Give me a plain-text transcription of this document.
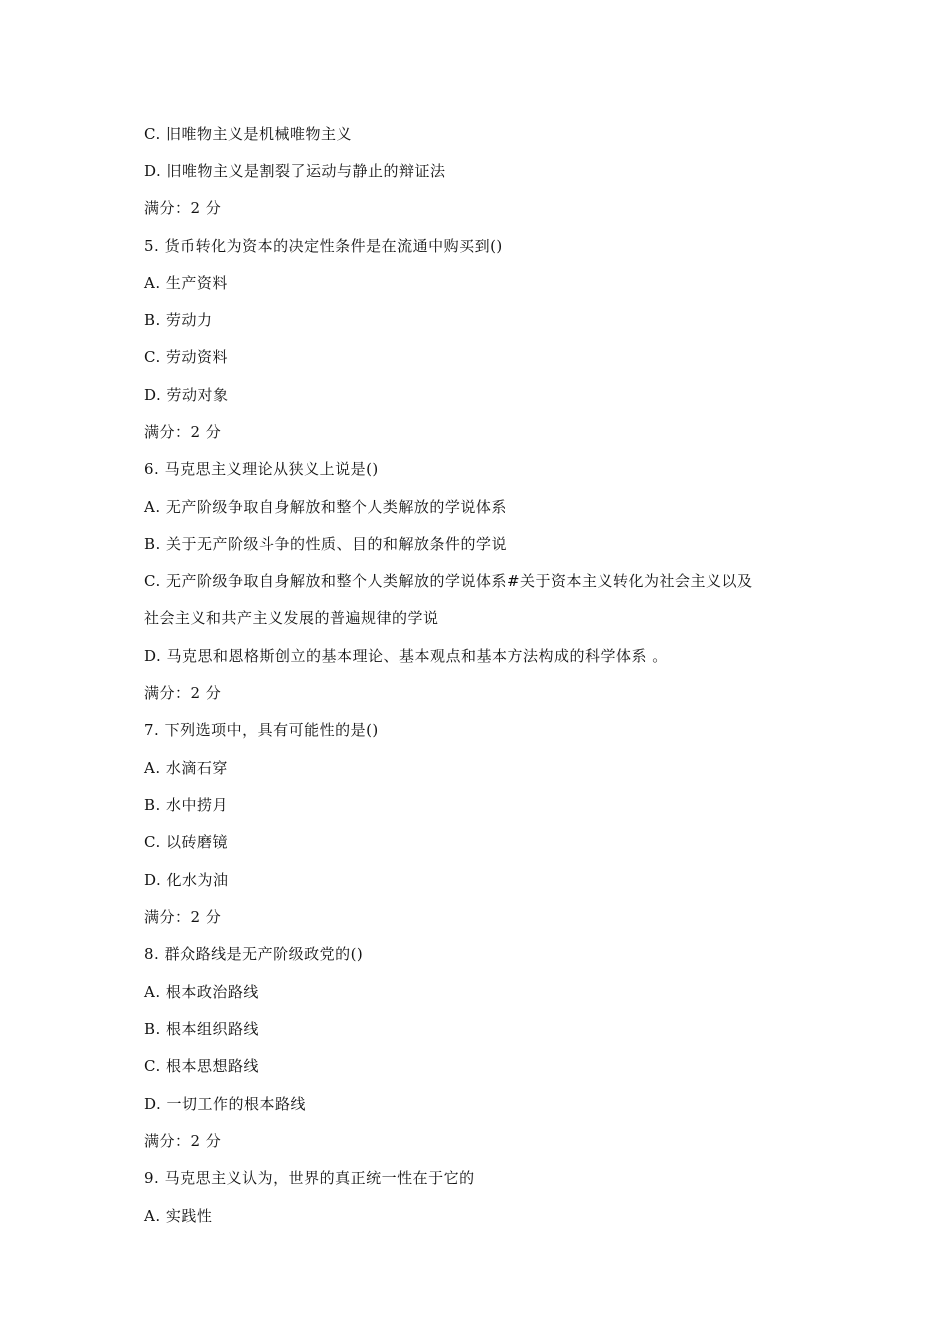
C. 旧唯物主义是机械唯物主义
D. 旧唯物主义是割裂了运动与静止的辩证法
满分：2 分
5. 货币转化为资本的决定性条件是在流通中购买到()
A. 生产资料
B. 劳动力
C. 劳动资料
D. 劳动对象
满分：2 分
6. 马克思主义理论从狭义上说是()
A. 无产阶级争取自身解放和整个人类解放的学说体系
B. 关于无产阶级斗争的性质、目的和解放条件的学说
C. 无产阶级争取自身解放和整个人类解放的学说体系#关于资本主义转化为社会主义以及
社会主义和共产主义发展的普遍规律的学说
D. 马克思和恩格斯创立的基本理论、基本观点和基本方法构成的科学体系 。
满分：2 分
7. 下列选项中，具有可能性的是()
A. 水滴石穿
B. 水中捞月
C. 以砖磨镜
D. 化水为油
满分：2 分
8. 群众路线是无产阶级政党的()
A. 根本政治路线
B. 根本组织路线
C. 根本思想路线
D. 一切工作的根本路线
满分：2 分
9. 马克思主义认为，世界的真正统一性在于它的
A. 实践性
